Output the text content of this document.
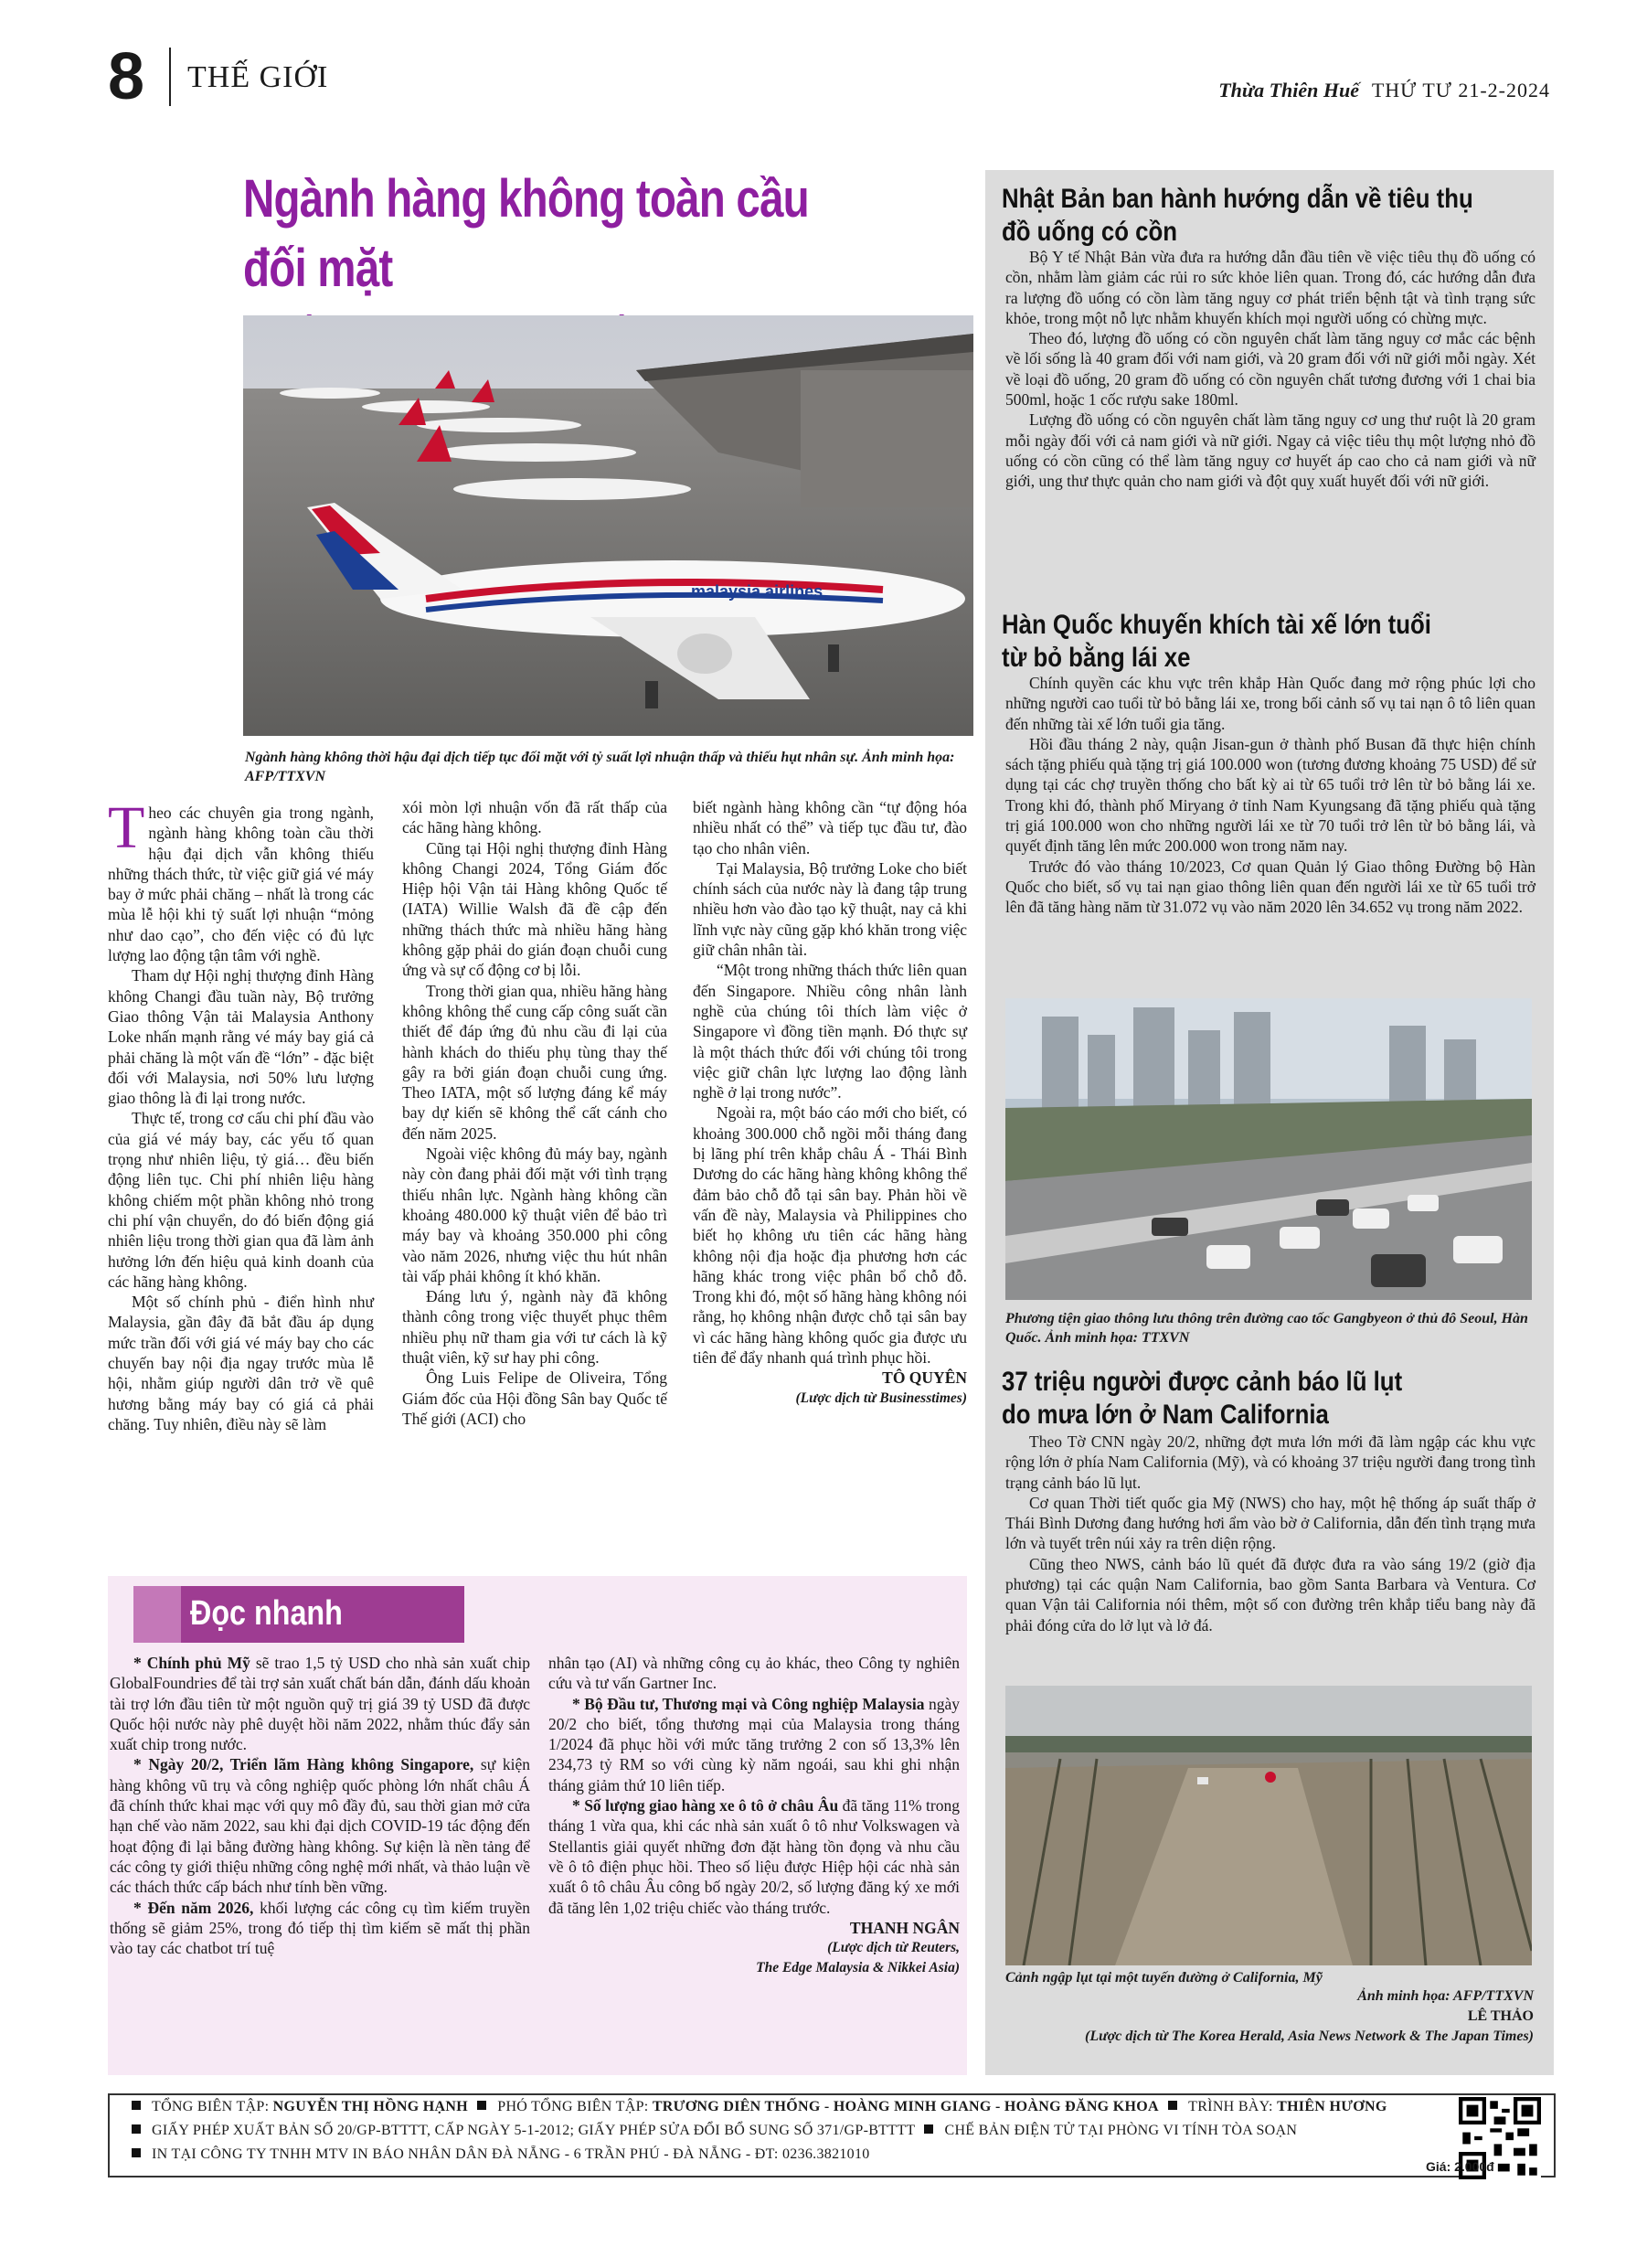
8 THẾ GIỚI	Thừa Thiên Huế THỨ TƯ 21-2-2024
Ngành hàng không toàn cầu đối mặt
malaysia airlines
Ngành hàng không thời hậu đại dịch tiếp tục đối mặt với tỷ suất lợi nhuận thấp và thiếu hụt nhân sự. Ảnh minh họa: AFP/TTXVN

Theo các chuyên gia trong ngành, ngành hàng không toàn cầu thời hậu đại dịch vẫn không thiếu những thách thức, từ việc giữ giá vé máy bay ở mức phải chăng – nhất là trong các mùa lễ hội khi tỷ suất lợi nhuận “mỏng như dao cạo”, cho đến việc có đủ lực lượng lao động tận tâm với nghề.

Tham dự Hội nghị thượng đỉnh Hàng không Changi đầu tuần này, Bộ trưởng Giao thông Vận tải Malaysia Anthony Loke nhấn mạnh rằng vé máy bay giá cả phải chăng là một vấn đề “lớn” - đặc biệt đối với Malaysia, nơi 50% lưu lượng giao thông là đi lại trong nước.

Thực tế, trong cơ cấu chi phí đầu vào của giá vé máy bay, các yếu tố quan trọng như nhiên liệu, tỷ giá… đều biến động liên tục. Chi phí nhiên liệu hàng không chiếm một phần không nhỏ trong chi phí vận chuyển, do đó biến động giá nhiên liệu trong thời gian qua đã làm ảnh hưởng lớn đến hiệu quả kinh doanh của các hãng hàng không.

Một số chính phủ - điển hình như Malaysia, gần đây đã bắt đầu áp dụng mức trần đối với giá vé máy bay cho các chuyến bay nội địa ngay trước mùa lễ hội, nhằm giúp người dân trở về quê hương bằng máy bay có giá cả phải chăng. Tuy nhiên, điều này sẽ làm

xói mòn lợi nhuận vốn đã rất thấp của các hãng hàng không.

Cũng tại Hội nghị thượng đỉnh Hàng không Changi 2024, Tổng Giám đốc Hiệp hội Vận tải Hàng không Quốc tế (IATA) Willie Walsh đã đề cập đến những thách thức mà nhiều hãng hàng không gặp phải do gián đoạn chuỗi cung ứng và sự cố động cơ bị lỗi.

Trong thời gian qua, nhiều hãng hàng không không thể cung cấp công suất cần thiết để đáp ứng đủ nhu cầu đi lại của hành khách do thiếu phụ tùng thay thế gây ra bởi gián đoạn chuỗi cung ứng. Theo IATA, một số lượng đáng kể máy bay dự kiến sẽ không thể cất cánh cho đến năm 2025.

Ngoài việc không đủ máy bay, ngành này còn đang phải đối mặt với tình trạng thiếu nhân lực. Ngành hàng không cần khoảng 480.000 kỹ thuật viên để bảo trì máy bay và khoảng 350.000 phi công vào năm 2026, nhưng việc thu hút nhân tài vấp phải không ít khó khăn.

Đáng lưu ý, ngành này đã không thành công trong việc thuyết phục thêm nhiều phụ nữ tham gia với tư cách là kỹ thuật viên, kỹ sư hay phi công.

Ông Luis Felipe de Oliveira, Tổng Giám đốc của Hội đồng Sân bay Quốc tế Thế giới (ACI) cho

biết ngành hàng không cần “tự động hóa nhiều nhất có thể” và tiếp tục đầu tư, đào tạo cho nhân viên.

Tại Malaysia, Bộ trưởng Loke cho biết chính sách của nước này là đang tập trung nhiều hơn vào đào tạo kỹ thuật, nay cả khi lĩnh vực này cũng gặp khó khăn trong việc giữ chân nhân tài.

“Một trong những thách thức liên quan đến Singapore. Nhiều công nhân lành nghề của chúng tôi thích làm việc ở Singapore vì đồng tiền mạnh. Đó thực sự là một thách thức đối với chúng tôi trong việc giữ chân lực lượng lao động lành nghề ở lại trong nước”.

Ngoài ra, một báo cáo mới cho biết, có khoảng 300.000 chỗ ngồi mỗi tháng đang bị lãng phí trên khắp châu Á - Thái Bình Dương do các hãng hàng không không thể đảm bảo chỗ đỗ tại sân bay. Phản hồi về vấn đề này, Malaysia và Philippines cho biết họ không ưu tiên các hãng hàng không nội địa hoặc địa phương hơn các hãng khác trong việc phân bổ chỗ đỗ. Trong khi đó, một số hãng hàng không nói rằng, họ không nhận được chỗ tại sân bay vì các hãng hàng không quốc gia được ưu tiên để đẩy nhanh quá trình phục hồi.

TÔ QUYÊN

(Lược dịch từ Businesstimes)

Đọc nhanh

* Chính phủ Mỹ sẽ trao 1,5 tỷ USD cho nhà sản xuất chip GlobalFoundries để tài trợ sản xuất chất bán dẫn, đánh dấu khoản tài trợ lớn đầu tiên từ một nguồn quỹ trị giá 39 tỷ USD đã được Quốc hội nước này phê duyệt hồi năm 2022, nhằm thúc đẩy sản xuất chip trong nước.

* Ngày 20/2, Triển lãm Hàng không Singapore, sự kiện hàng không vũ trụ và công nghiệp quốc phòng lớn nhất châu Á đã chính thức khai mạc với quy mô đầy đủ, sau thời gian mở cửa hạn chế vào năm 2022, sau khi đại dịch COVID-19 tác động đến hoạt động đi lại bằng đường hàng không. Sự kiện là nền tảng để các công ty giới thiệu những công nghệ mới nhất, và thảo luận về các thách thức cấp bách như tính bền vững.

* Đến năm 2026, khối lượng các công cụ tìm kiếm truyền thống sẽ giảm 25%, trong đó tiếp thị tìm kiếm sẽ mất thị phần vào tay các chatbot trí tuệ

nhân tạo (AI) và những công cụ ảo khác, theo Công ty nghiên cứu và tư vấn Gartner Inc.

* Bộ Đầu tư, Thương mại và Công nghiệp Malaysia ngày 20/2 cho biết, tổng thương mại của Malaysia trong tháng 1/2024 đã phục hồi với mức tăng trưởng 2 con số 13,3% lên 234,73 tỷ RM so với cùng kỳ năm ngoái, sau khi ghi nhận tháng giảm thứ 10 liên tiếp.

* Số lượng giao hàng xe ô tô ở châu Âu đã tăng 11% trong tháng 1 vừa qua, khi các nhà sản xuất ô tô như Volkswagen và Stellantis giải quyết những đơn đặt hàng tồn đọng và nhu cầu về ô tô điện phục hồi. Theo số liệu được Hiệp hội các nhà sản xuất ô tô châu Âu công bố ngày 20/2, số lượng đăng ký xe mới đã tăng lên 1,02 triệu chiếc vào tháng trước.

THANH NGÂN

(Lược dịch từ Reuters,

The Edge Malaysia & Nikkei Asia)

Nhật Bản ban hành hướng dẫn về tiêu thụ
đồ uống có cồn

Bộ Y tế Nhật Bản vừa đưa ra hướng dẫn đầu tiên về việc tiêu thụ đồ uống có cồn, nhằm làm giảm các rủi ro sức khỏe liên quan. Trong đó, các hướng dẫn đưa ra lượng đồ uống có cồn làm tăng nguy cơ phát triển bệnh tật và tình trạng sức khỏe, trong một nỗ lực nhằm khuyến khích mọi người uống có chừng mực.

Theo đó, lượng đồ uống có cồn nguyên chất làm tăng nguy cơ mắc các bệnh về lối sống là 40 gram đối với nam giới, và 20 gram đối với nữ giới mỗi ngày. Xét về loại đồ uống, 20 gram đồ uống có cồn nguyên chất tương đương với 1 chai bia 500ml, hoặc 1 cốc rượu sake 180ml.

Lượng đồ uống có cồn nguyên chất làm tăng nguy cơ ung thư ruột là 20 gram mỗi ngày đối với cả nam giới và nữ giới. Ngay cả việc tiêu thụ một lượng nhỏ đồ uống có cồn cũng có thể làm tăng nguy cơ huyết áp cao cho cả nam giới và nữ giới, ung thư thực quản cho nam giới và đột quỵ xuất huyết đối với nữ giới.

Hàn Quốc khuyến khích tài xế lớn tuổi
từ bỏ bằng lái xe

Chính quyền các khu vực trên khắp Hàn Quốc đang mở rộng phúc lợi cho những người cao tuổi từ bỏ bằng lái xe, trong bối cảnh số vụ tai nạn ô tô liên quan đến những tài xế lớn tuổi gia tăng.

Hồi đầu tháng 2 này, quận Jisan-gun ở thành phố Busan đã thực hiện chính sách tặng phiếu quà tặng trị giá 100.000 won (tương đương khoảng 75 USD) để sử dụng tại các chợ truyền thống cho bất kỳ ai từ 65 tuổi trở lên từ bỏ bằng lái xe. Trong khi đó, thành phố Miryang ở tỉnh Nam Kyungsang đã tặng phiếu quà tặng trị giá 100.000 won cho những người lái xe từ 70 tuổi trở lên từ bỏ bằng lái, và quyết định tăng lên mức 200.000 won trong năm nay.

Trước đó vào tháng 10/2023, Cơ quan Quản lý Giao thông Đường bộ Hàn Quốc cho biết, số vụ tai nạn giao thông liên quan đến người lái xe từ 65 tuổi trở lên đã tăng hàng năm từ 31.072 vụ vào năm 2020 lên 34.652 vụ trong năm 2022.

Phương tiện giao thông lưu thông trên đường cao tốc Gangbyeon ở thủ đô Seoul, Hàn Quốc. Ảnh minh họa: TTXVN
37 triệu người được cảnh báo lũ lụt
do mưa lớn ở Nam California

Theo Tờ CNN ngày 20/2, những đợt mưa lớn mới đã làm ngập các khu vực rộng lớn ở phía Nam California (Mỹ), và có khoảng 37 triệu người đang trong tình trạng cảnh báo lũ lụt.

Cơ quan Thời tiết quốc gia Mỹ (NWS) cho hay, một hệ thống áp suất thấp ở Thái Bình Dương đang hướng hơi ẩm vào bờ ở California, dẫn đến tình trạng mưa lớn và tuyết trên núi xảy ra trên diện rộng.

Cũng theo NWS, cảnh báo lũ quét đã được đưa ra vào sáng 19/2 (giờ địa phương) tại các quận Nam California, bao gồm Santa Barbara và Ventura. Cơ quan Vận tải California nói thêm, một số con đường trên khắp tiểu bang này đã phải đóng cửa do lở lụt và lở đá.

Cảnh ngập lụt tại một tuyến đường ở California, Mỹ
Ảnh minh họa: AFP/TTXVN
LÊ THẢO
(Lược dịch từ The Korea Herald, Asia News Network & The Japan Times)
TỔNG BIÊN TẬP: NGUYỄN THỊ HỒNG HẠNH PHÓ TỔNG BIÊN TẬP: TRƯƠNG DIÊN THỐNG - HOÀNG MINH GIANG - HOÀNG ĐĂNG KHOA TRÌNH BÀY: THIÊN HƯƠNG
GIẤY PHÉP XUẤT BẢN SỐ 20/GP-BTTTT, CẤP NGÀY 5-1-2012; GIẤY PHÉP SỬA ĐỔI BỔ SUNG SỐ 371/GP-BTTTT CHẾ BẢN ĐIỆN TỬ TẠI PHÒNG VI TÍNH TÒA SOẠN
IN TẠI CÔNG TY TNHH MTV IN BÁO NHÂN DÂN ĐÀ NẴNG - 6 TRẦN PHÚ - ĐÀ NẴNG - ĐT: 0236.3821010
Giá: 2.000đ
